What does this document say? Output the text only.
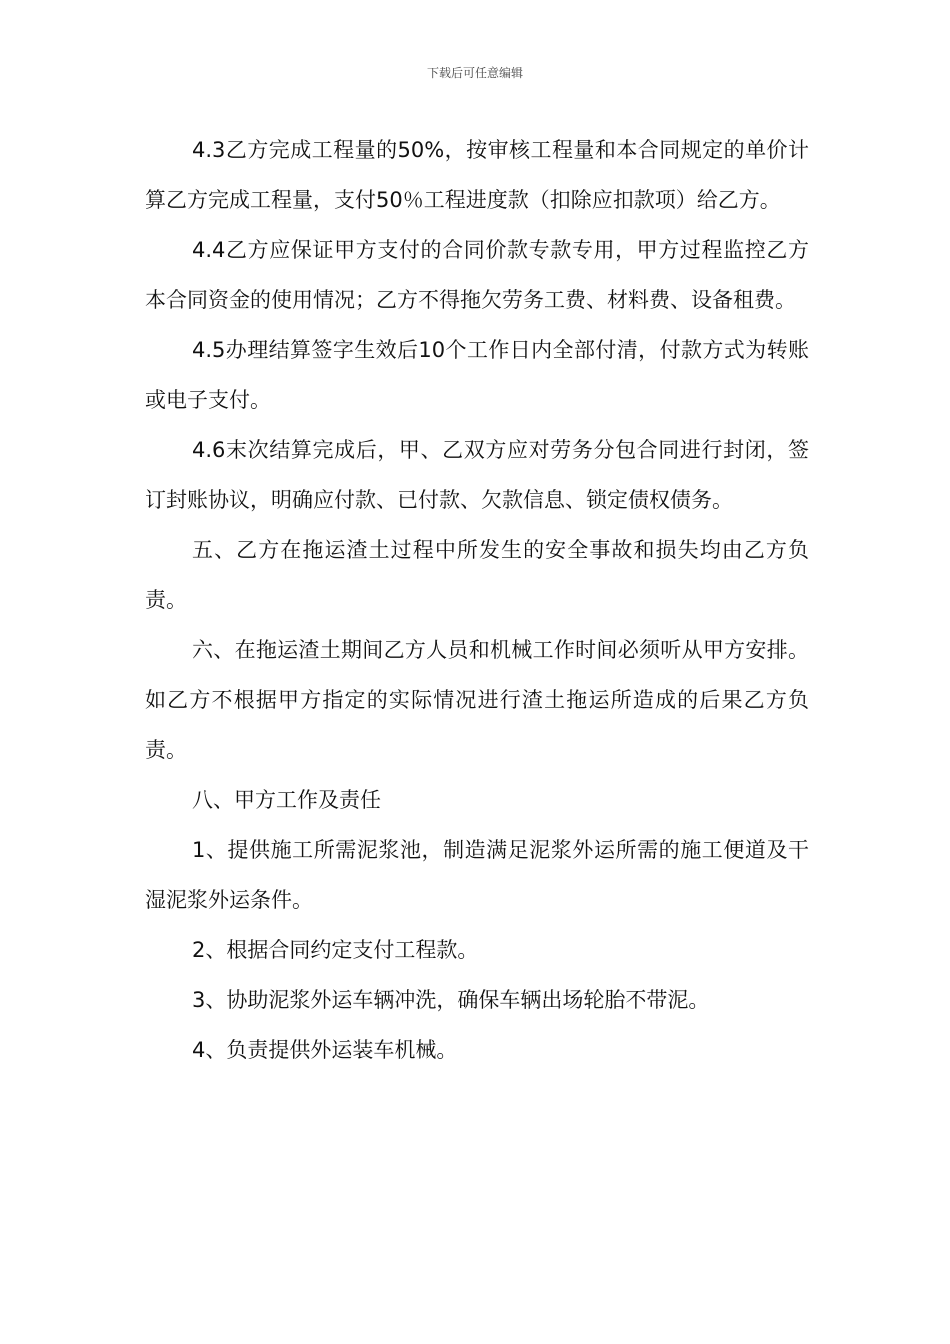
下载后可任意编辑

4.3乙方完成工程量的50%，按审核工程量和本合同规定的单价计算乙方完成工程量，支付50％工程进度款（扣除应扣款项）给乙方。

4.4乙方应保证甲方支付的合同价款专款专用，甲方过程监控乙方本合同资金的使用情况；乙方不得拖欠劳务工费、材料费、设备租费。

4.5办理结算签字生效后10个工作日内全部付清，付款方式为转账或电子支付。

4.6末次结算完成后，甲、乙双方应对劳务分包合同进行封闭，签订封账协议，明确应付款、已付款、欠款信息、锁定债权债务。

五、乙方在拖运渣土过程中所发生的安全事故和损失均由乙方负责。

六、在拖运渣土期间乙方人员和机械工作时间必须听从甲方安排。如乙方不根据甲方指定的实际情况进行渣土拖运所造成的后果乙方负责。

八、甲方工作及责任

1、提供施工所需泥浆池，制造满足泥浆外运所需的施工便道及干湿泥浆外运条件。

2、根据合同约定支付工程款。

3、协助泥浆外运车辆冲洗，确保车辆出场轮胎不带泥。

4、负责提供外运装车机械。
